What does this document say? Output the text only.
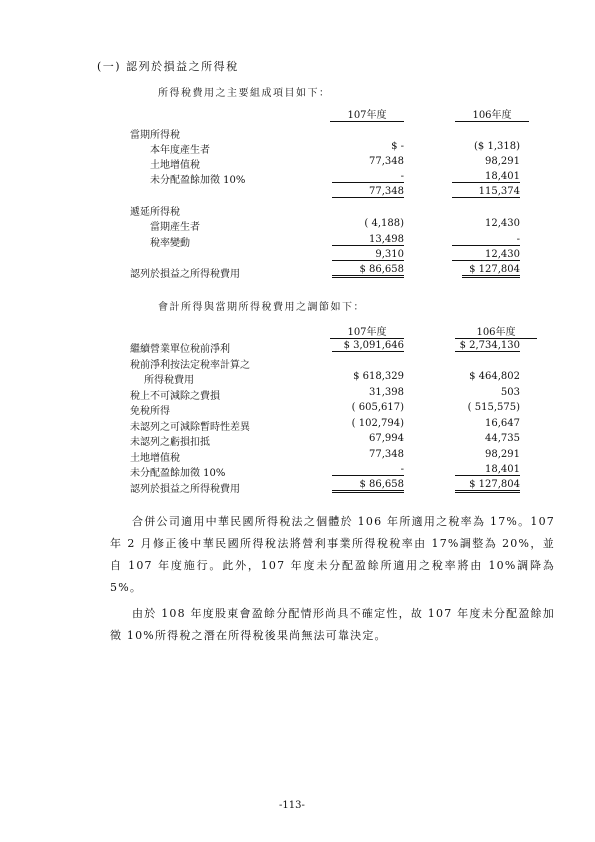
(一) 認列於損益之所得稅
所得稅費用之主要組成項目如下：
107年度	106年度
當期所得稅
本年度產生者	$ -	($ 1,318)
土地增值稅	77,348	98,291
未分配盈餘加徵 10%	-	18,401
77,348	115,374
遞延所得稅
當期產生者	( 4,188)	12,430
稅率變動	13,498	-
9,310	12,430
認列於損益之所得稅費用	$ 86,658	$ 127,804
會計所得與當期所得稅費用之調節如下：
107年度	106年度
繼續營業單位稅前淨利	$ 3,091,646	$ 2,734,130
稅前淨利按法定稅率計算之
所得稅費用	$ 618,329	$ 464,802
稅上不可減除之費損	31,398	503
免稅所得	( 605,617)	( 515,575)
未認列之可減除暫時性差異	( 102,794)	16,647
未認列之虧損扣抵	67,994	44,735
土地增值稅	77,348	98,291
未分配盈餘加徵 10%	-	18,401
認列於損益之所得稅費用	$ 86,658	$ 127,804
合併公司適用中華民國所得稅法之個體於 106 年所適用之稅率為 17%。107 年 2 月修正後中華民國所得稅法將營利事業所得稅稅率由 17%調整為 20%，並自 107 年度施行。此外，107 年度未分配盈餘所適用之稅率將由 10%調降為 5%。
由於 108 年度股東會盈餘分配情形尚具不確定性，故 107 年度未分配盈餘加徵 10%所得稅之潛在所得稅後果尚無法可靠決定。
-113-
